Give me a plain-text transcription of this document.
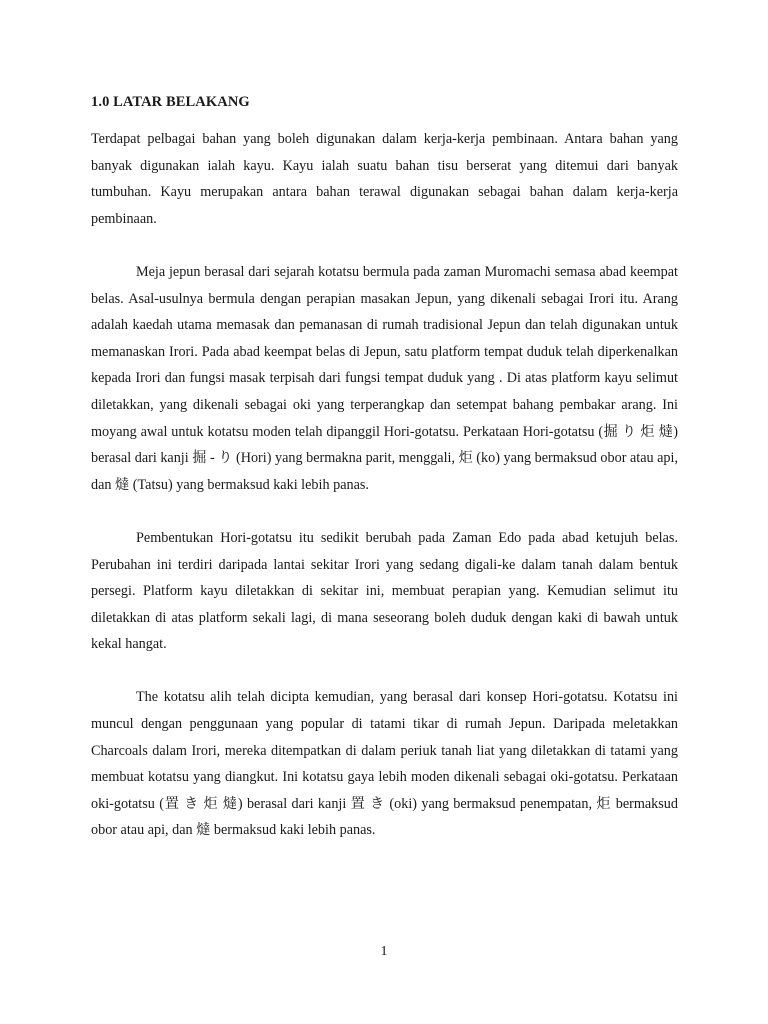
1.0 LATAR BELAKANG

Terdapat pelbagai bahan yang boleh digunakan dalam kerja-kerja pembinaan. Antara bahan yang banyak digunakan ialah kayu. Kayu ialah suatu bahan tisu berserat yang ditemui dari banyak tumbuhan. Kayu merupakan antara bahan terawal digunakan sebagai bahan dalam kerja-kerja pembinaan.

Meja jepun berasal dari sejarah kotatsu bermula pada zaman Muromachi semasa abad keempat belas. Asal-usulnya bermula dengan perapian masakan Jepun, yang dikenali sebagai Irori itu. Arang adalah kaedah utama memasak dan pemanasan di rumah tradisional Jepun dan telah digunakan untuk memanaskan Irori. Pada abad keempat belas di Jepun, satu platform tempat duduk telah diperkenalkan kepada Irori dan fungsi masak terpisah dari fungsi tempat duduk yang . Di atas platform kayu selimut diletakkan, yang dikenali sebagai oki yang terperangkap dan setempat bahang pembakar arang. Ini moyang awal untuk kotatsu moden telah dipanggil Hori-gotatsu. Perkataan Hori-gotatsu (掘 り 炬 燵) berasal dari kanji 掘 - り (Hori) yang bermakna parit, menggali, 炬 (ko) yang bermaksud obor atau api, dan 燵 (Tatsu) yang bermaksud kaki lebih panas.

Pembentukan Hori-gotatsu itu sedikit berubah pada Zaman Edo pada abad ketujuh belas. Perubahan ini terdiri daripada lantai sekitar Irori yang sedang digali-ke dalam tanah dalam bentuk persegi. Platform kayu diletakkan di sekitar ini, membuat perapian yang. Kemudian selimut itu diletakkan di atas platform sekali lagi, di mana seseorang boleh duduk dengan kaki di bawah untuk kekal hangat.

The kotatsu alih telah dicipta kemudian, yang berasal dari konsep Hori-gotatsu. Kotatsu ini muncul dengan penggunaan yang popular di tatami tikar di rumah Jepun. Daripada meletakkan Charcoals dalam Irori, mereka ditempatkan di dalam periuk tanah liat yang diletakkan di tatami yang membuat kotatsu yang diangkut. Ini kotatsu gaya lebih moden dikenali sebagai oki-gotatsu. Perkataan oki-gotatsu (置 き 炬 燵) berasal dari kanji 置 き (oki) yang bermaksud penempatan, 炬 bermaksud obor atau api, dan 燵 bermaksud kaki lebih panas.

1
